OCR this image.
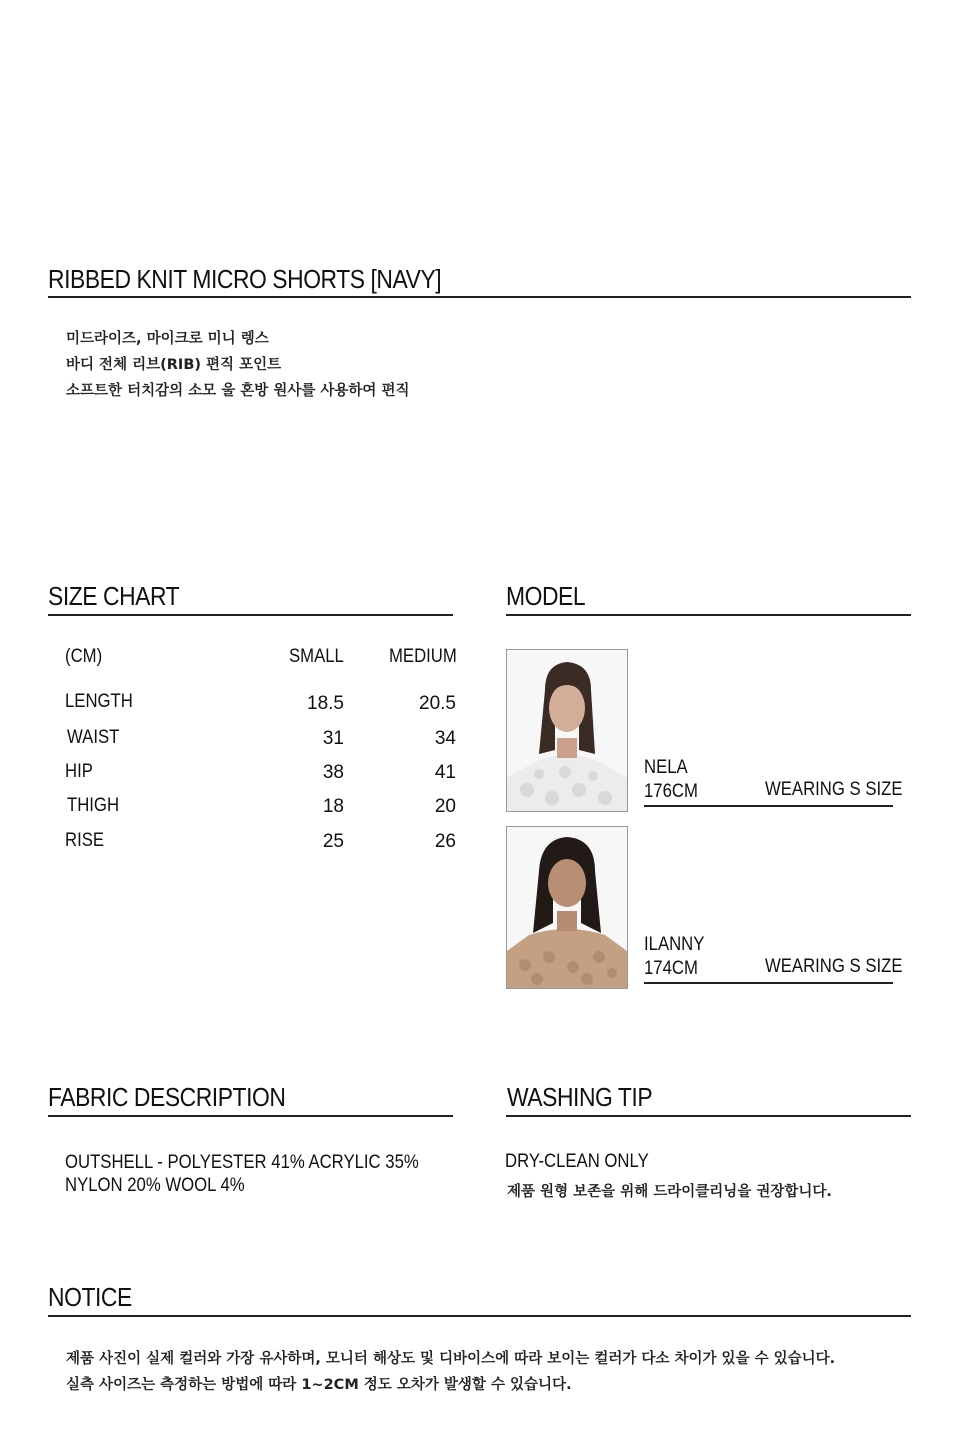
RIBBED KNIT MICRO SHORTS [NAVY]
미드라이즈, 마이크로 미니 렝스
바디 전체 리브(RIB) 편직 포인트
소프트한 터치감의 소모 울 혼방 원사를 사용하여 편직
SIZE CHART
(CM)	SMALL MEDIUM
LENGTH	18.5	20.5
WAIST	31	34
HIP	38	41
THIGH	18	20
RISE	25	26
MODEL
NELA
176CM	WEARING S SIZE
ILANNY
174CM	WEARING S SIZE
FABRIC DESCRIPTION
OUTSHELL - POLYESTER 41% ACRYLIC 35%
NYLON 20% WOOL 4%
WASHING TIP
DRY-CLEAN ONLY
제품 원형 보존을 위해 드라이클리닝을 권장합니다.
NOTICE
제품 사진이 실제 컬러와 가장 유사하며, 모니터 해상도 및 디바이스에 따라 보이는 컬러가 다소 차이가 있을 수 있습니다.
실측 사이즈는 측정하는 방법에 따라 1~2CM 정도 오차가 발생할 수 있습니다.
